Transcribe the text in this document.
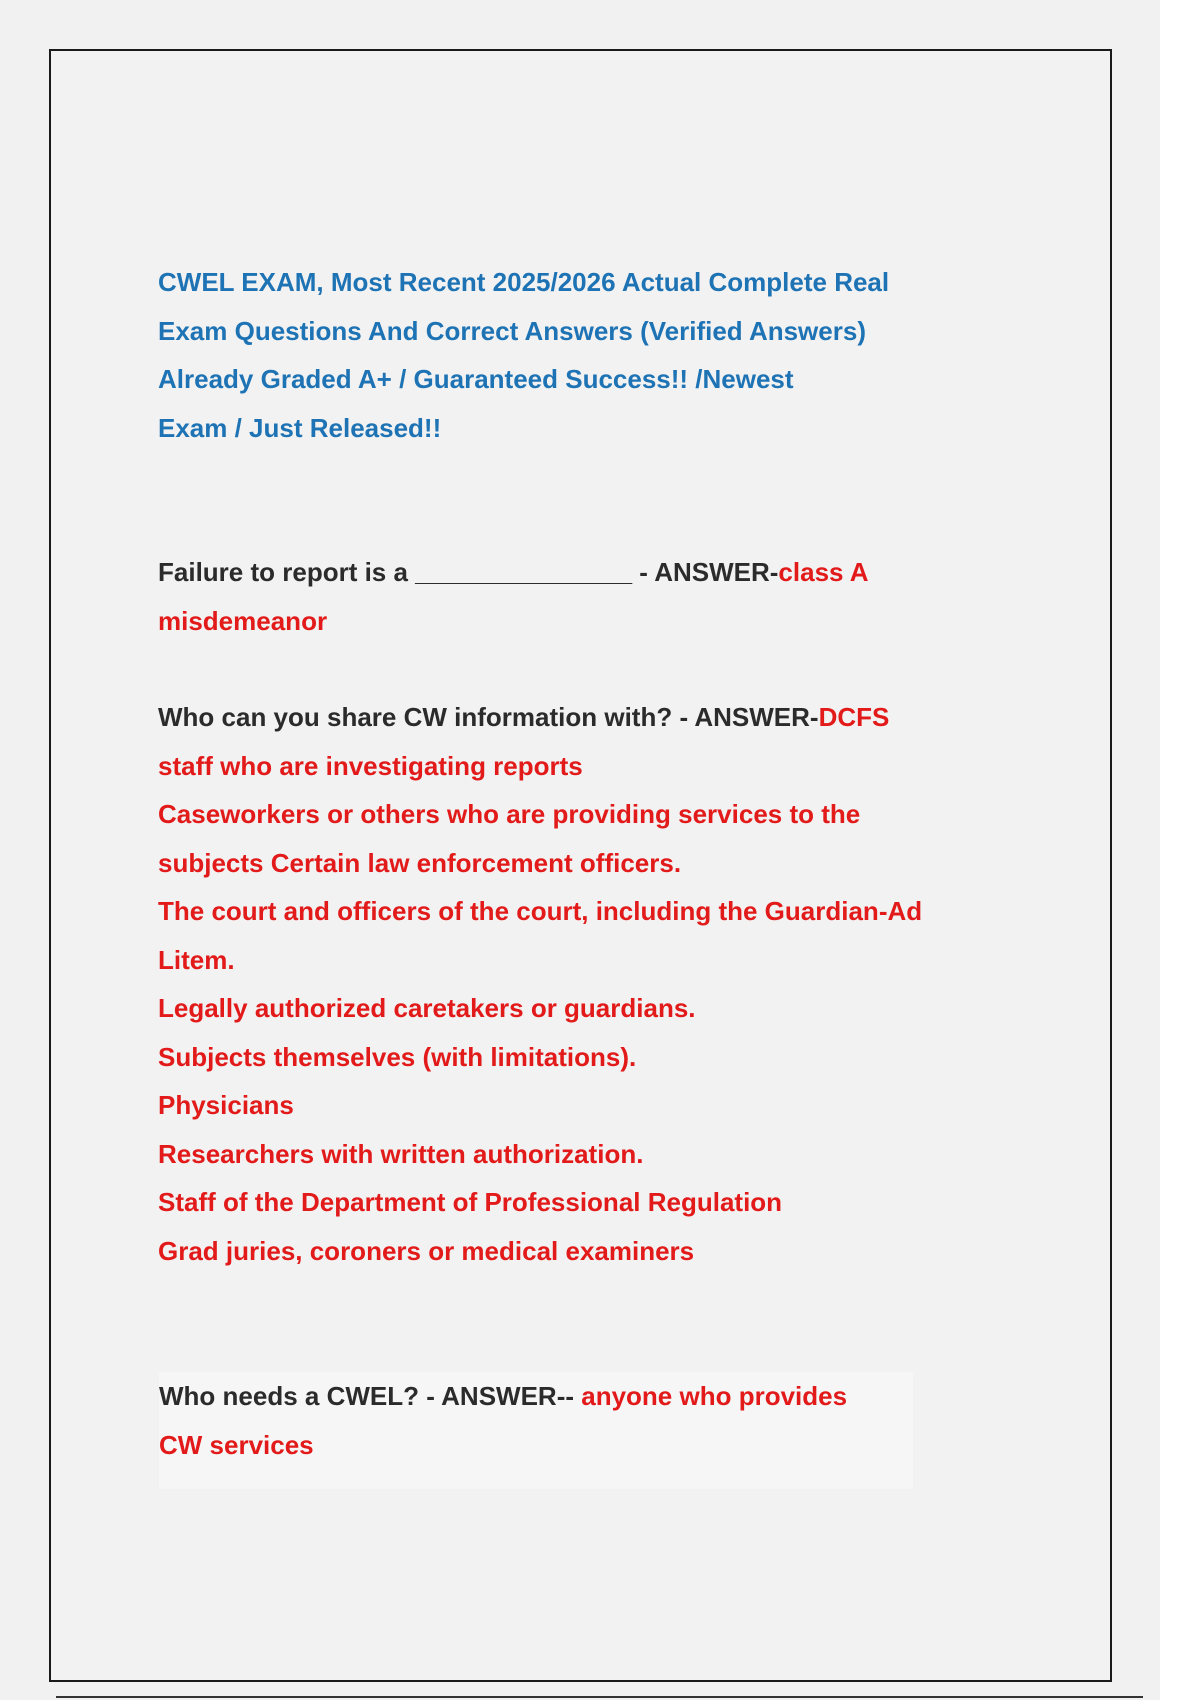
CWEL EXAM, Most Recent 2025/2026 Actual Complete Real
Exam Questions And Correct Answers (Verified Answers)
Already Graded A+ / Guaranteed Success!! /Newest
Exam / Just Released!!
Failure to report is a _______________ - ANSWER-class A
misdemeanor
Who can you share CW information with? - ANSWER-DCFS
staff who are investigating reports
Caseworkers or others who are providing services to the
subjects Certain law enforcement officers.
The court and officers of the court, including the Guardian-Ad
Litem.
Legally authorized caretakers or guardians.
Subjects themselves (with limitations).
Physicians
Researchers with written authorization.
Staff of the Department of Professional Regulation
Grad juries, coroners or medical examiners
Who needs a CWEL? - ANSWER-- anyone who provides
CW services
